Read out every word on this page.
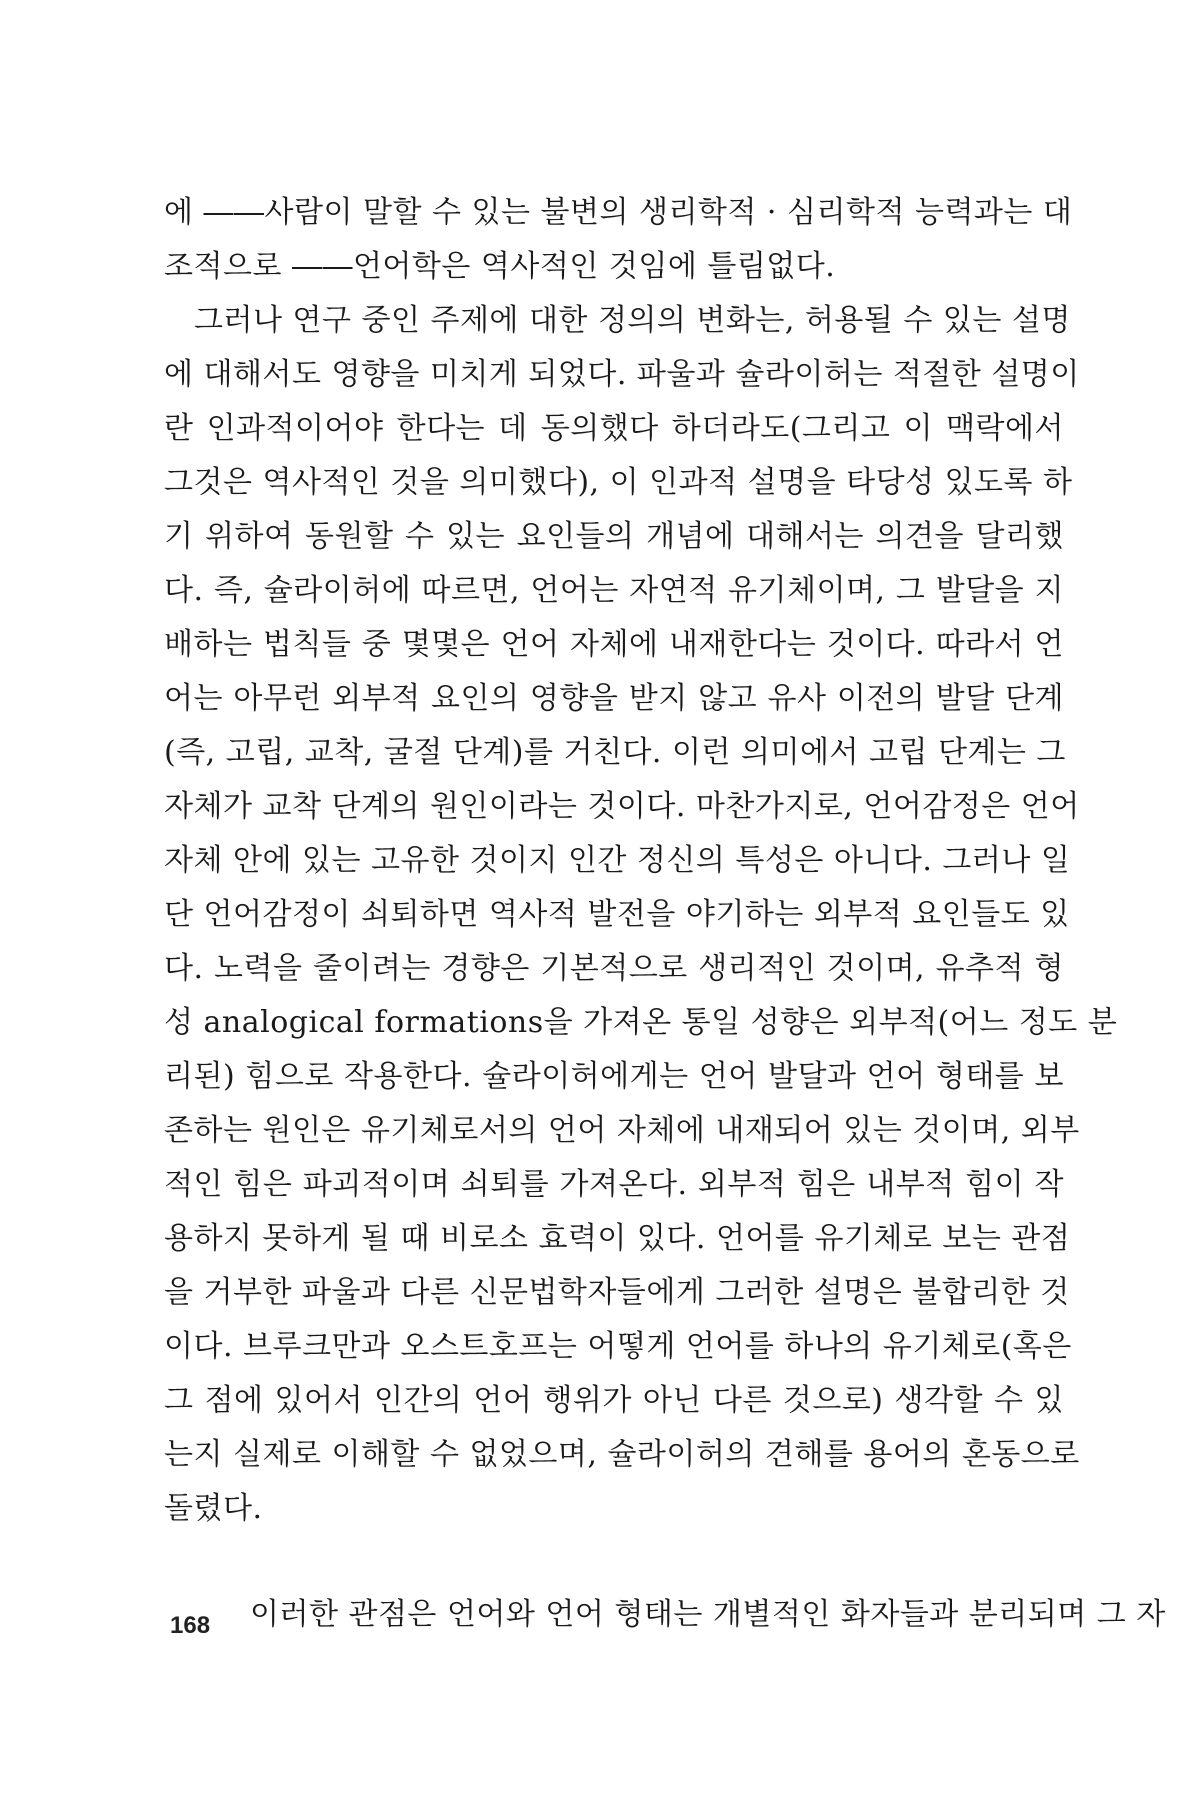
에 ――사람이 말할 수 있는 불변의 생리학적 · 심리학적 능력과는 대
조적으로 ――언어학은 역사적인 것임에 틀림없다.
그러나 연구 중인 주제에 대한 정의의 변화는, 허용될 수 있는 설명
에 대해서도 영향을 미치게 되었다. 파울과 슐라이허는 적절한 설명이
란 인과적이어야 한다는 데 동의했다 하더라도(그리고 이 맥락에서
그것은 역사적인 것을 의미했다), 이 인과적 설명을 타당성 있도록 하
기 위하여 동원할 수 있는 요인들의 개념에 대해서는 의견을 달리했
다. 즉, 슐라이허에 따르면, 언어는 자연적 유기체이며, 그 발달을 지
배하는 법칙들 중 몇몇은 언어 자체에 내재한다는 것이다. 따라서 언
어는 아무런 외부적 요인의 영향을 받지 않고 유사 이전의 발달 단계
(즉, 고립, 교착, 굴절 단계)를 거친다. 이런 의미에서 고립 단계는 그
자체가 교착 단계의 원인이라는 것이다. 마찬가지로, 언어감정은 언어
자체 안에 있는 고유한 것이지 인간 정신의 특성은 아니다. 그러나 일
단 언어감정이 쇠퇴하면 역사적 발전을 야기하는 외부적 요인들도 있
다. 노력을 줄이려는 경향은 기본적으로 생리적인 것이며, 유추적 형
성 analogical formations을 가져온 통일 성향은 외부적(어느 정도 분
리된) 힘으로 작용한다. 슐라이허에게는 언어 발달과 언어 형태를 보
존하는 원인은 유기체로서의 언어 자체에 내재되어 있는 것이며, 외부
적인 힘은 파괴적이며 쇠퇴를 가져온다. 외부적 힘은 내부적 힘이 작
용하지 못하게 될 때 비로소 효력이 있다. 언어를 유기체로 보는 관점
을 거부한 파울과 다른 신문법학자들에게 그러한 설명은 불합리한 것
이다. 브루크만과 오스트호프는 어떻게 언어를 하나의 유기체로(혹은
그 점에 있어서 인간의 언어 행위가 아닌 다른 것으로) 생각할 수 있
는지 실제로 이해할 수 없었으며, 슐라이허의 견해를 용어의 혼동으로
돌렸다.
이러한 관점은 언어와 언어 형태는 개별적인 화자들과 분리되며 그 자
168
